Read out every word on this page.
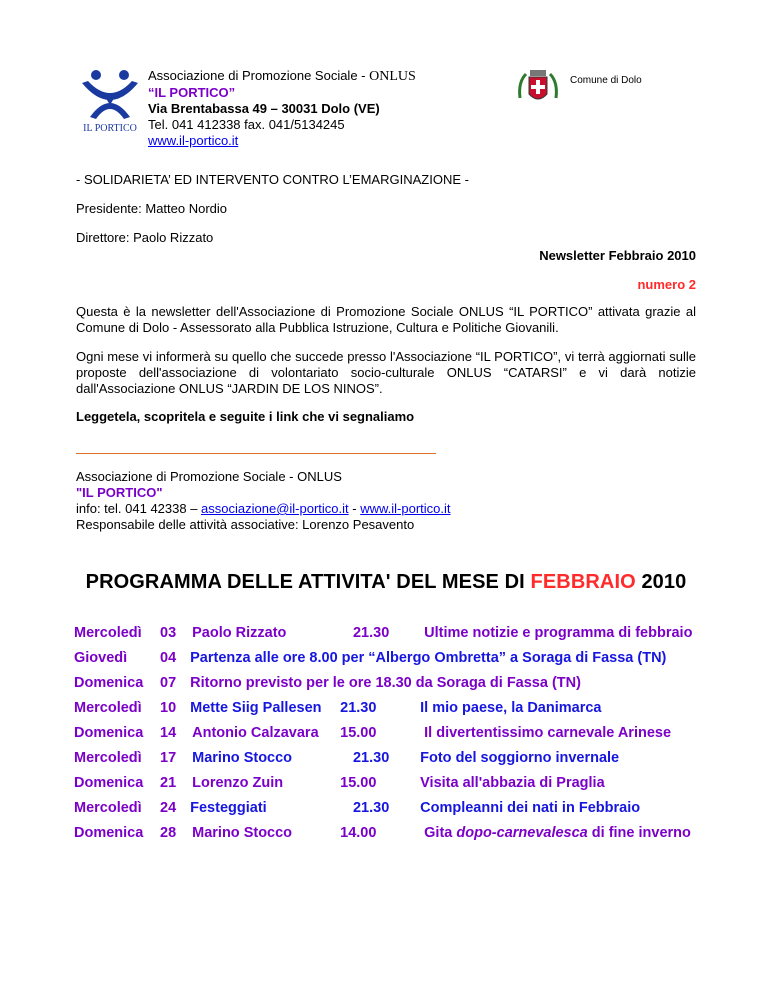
IL PORTICO
Associazione di Promozione Sociale - ONLUS
“IL PORTICO”
Via Brentabassa 49 – 30031 Dolo (VE)
Tel. 041 412338 fax. 041/5134245
www.il-portico.it
Comune di Dolo
- SOLIDARIETA’ ED INTERVENTO CONTRO L’EMARGINAZIONE -
Presidente: Matteo Nordio
Direttore: Paolo Rizzato
Newsletter Febbraio 2010
numero 2
Questa è la newsletter dell'Associazione di Promozione Sociale ONLUS “IL PORTICO” attivata grazie al Comune di Dolo - Assessorato alla Pubblica Istruzione, Cultura e Politiche Giovanili.
Ogni mese vi informerà su quello che succede presso l'Associazione “IL PORTICO”, vi terrà aggiornati sulle proposte dell'associazione di volontariato socio-culturale ONLUS “CATARSI” e vi darà notizie dall'Associazione ONLUS “JARDIN DE LOS NINOS”.
Leggetela, scopritela e seguite i link che vi segnaliamo
Associazione di Promozione Sociale - ONLUS
"IL PORTICO"
info: tel. 041 42338 – associazione@il-portico.it - www.il-portico.it
Responsabile delle attività associative: Lorenzo Pesavento
PROGRAMMA DELLE ATTIVITA' DEL MESE DI FEBBRAIO 2010
Mercoledì	03	Paolo Rizzato	21.30	Ultime notizie e programma di febbraio
Giovedì	04	Partenza alle ore 8.00 per “Albergo Ombretta” a Soraga di Fassa (TN)		
Domenica	07	Ritorno previsto per le ore 18.30 da Soraga di Fassa (TN)		
Mercoledì	10	Mette Siig Pallesen	21.30	Il mio paese, la Danimarca
Domenica	14	Antonio Calzavara	15.00	Il divertentissimo carnevale Arinese
Mercoledì	17	Marino Stocco	21.30	Foto del soggiorno invernale
Domenica	21	Lorenzo Zuin	15.00	Visita all'abbazia di Praglia
Mercoledì	24	Festeggiati	21.30	Compleanni dei nati in Febbraio
Domenica	28	Marino Stocco	14.00	Gita dopo-carnevalesca di fine inverno
